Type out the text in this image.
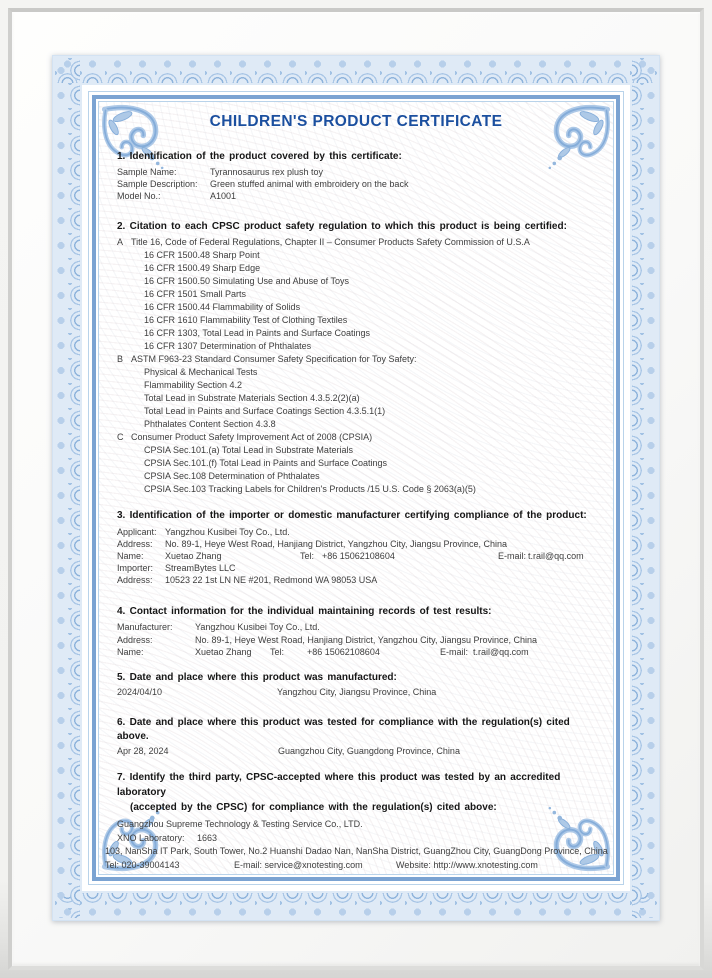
CHILDREN'S PRODUCT CERTIFICATE
1. Identification of the product covered by this certificate:
Sample Name:	Tyrannosaurus rex plush toy
Sample Description: Green stuffed animal with embroidery on the back
Model No.:	A1001
2. Citation to each CPSC product safety regulation to which this product is being certified:
A Title 16, Code of Federal Regulations, Chapter II – Consumer Products Safety Commission of U.S.A
16 CFR 1500.48 Sharp Point
16 CFR 1500.49 Sharp Edge
16 CFR 1500.50 Simulating Use and Abuse of Toys
16 CFR 1501 Small Parts
16 CFR 1500.44 Flammability of Solids
16 CFR 1610 Flammability Test of Clothing Textiles
16 CFR 1303, Total Lead in Paints and Surface Coatings
16 CFR 1307 Determination of Phthalates
B ASTM F963-23 Standard Consumer Safety Specification for Toy Safety:
Physical & Mechanical Tests
Flammability Section 4.2
Total Lead in Substrate Materials Section 4.3.5.2(2)(a)
Total Lead in Paints and Surface Coatings Section 4.3.5.1(1)
Phthalates Content Section 4.3.8
C Consumer Product Safety Improvement Act of 2008 (CPSIA)
CPSIA Sec.101.(a) Total Lead in Substrate Materials
CPSIA Sec.101.(f) Total Lead in Paints and Surface Coatings
CPSIA Sec.108 Determination of Phthalates
CPSIA Sec.103 Tracking Labels for Children's Products /15 U.S. Code § 2063(a)(5)
3. Identification of the importer or domestic manufacturer certifying compliance of the product:
Applicant: Yangzhou Kusibei Toy Co., Ltd.
Address: No. 89-1, Heye West Road, Hanjiang District, Yangzhou City, Jiangsu Province, China
Name: Xuetao Zhang	Tel: +86 15062108604	E-mail: t.rail@qq.com
Importer: StreamBytes LLC
Address: 10523 22 1st LN NE #201, Redmond WA 98053 USA
4. Contact information for the individual maintaining records of test results:
Manufacturer: Yangzhou Kusibei Toy Co., Ltd.
Address:	No. 89-1, Heye West Road, Hanjiang District, Yangzhou City, Jiangsu Province, China
Name:	Xuetao Zhang Tel:	+86 15062108604	E-mail: t.rail@qq.com
5. Date and place where this product was manufactured:
2024/04/10	Yangzhou City, Jiangsu Province, China
6. Date and place where this product was tested for compliance with the regulation(s) cited above.
Apr 28, 2024	Guangzhou City, Guangdong Province, China
7. Identify the third party, CPSC-accepted where this product was tested by an accredited laboratory
(accepted by the CPSC) for compliance with the regulation(s) cited above:
Guangzhou Supreme Technology & Testing Service Co., LTD.
XNO Laboratory: 1663
103, NanSha IT Park, South Tower, No.2 Huanshi Dadao Nan, NanSha District, GuangZhou City, GuangDong Province, China
Tel: 020-39004143	E-mail: service@xnotesting.com	Website: http://www.xnotesting.com
